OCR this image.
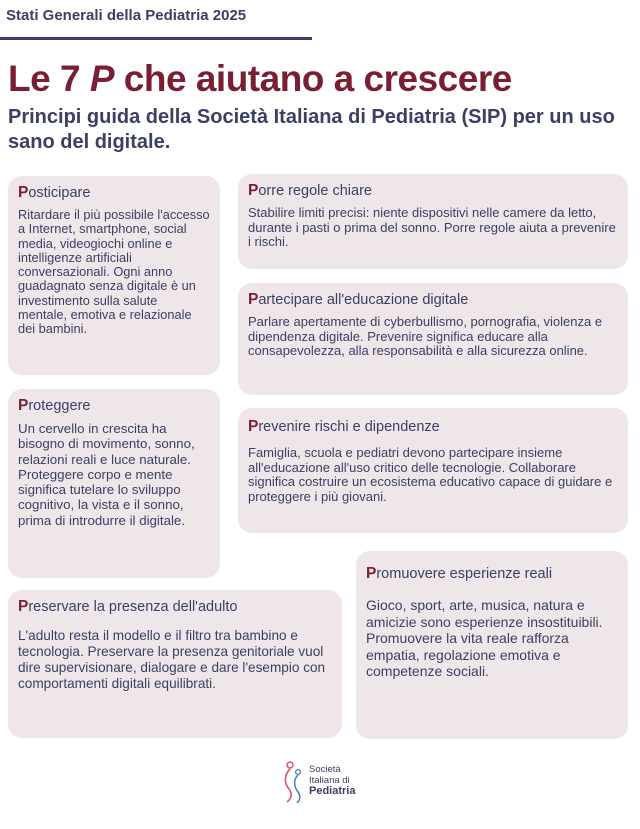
Stati Generali della Pediatria 2025
Le 7 P che aiutano a crescere

Principi guida della Società Italiana di Pediatria (SIP) per un uso sano del digitale.

Posticipare

Ritardare il più possibile l'accesso a Internet, smartphone, social media, videogiochi online e intelligenze artificiali conversazionali. Ogni anno guadagnato senza digitale è un investimento sulla salute mentale, emotiva e relazionale dei bambini.

Porre regole chiare

Stabilire limiti precisi: niente dispositivi nelle camere da letto, durante i pasti o prima del sonno. Porre regole aiuta a prevenire i rischi.

Partecipare all'educazione digitale

Parlare apertamente di cyberbullismo, pornografia, violenza e dipendenza digitale. Prevenire significa educare alla consapevolezza, alla responsabilità e alla sicurezza online.

Proteggere

Un cervello in crescita ha bisogno di movimento, sonno, relazioni reali e luce naturale. Proteggere corpo e mente significa tutelare lo sviluppo cognitivo, la vista e il sonno, prima di introdurre il digitale.

Prevenire rischi e dipendenze

Famiglia, scuola e pediatri devono partecipare insieme all'educazione all'uso critico delle tecnologie. Collaborare significa costruire un ecosistema educativo capace di guidare e proteggere i più giovani.

Preservare la presenza dell'adulto

L'adulto resta il modello e il filtro tra bambino e tecnologia. Preservare la presenza genitoriale vuol dire supervisionare, dialogare e dare l'esempio con comportamenti digitali equilibrati.

Promuovere esperienze reali

Gioco, sport, arte, musica, natura e amicizie sono esperienze insostituibili. Promuovere la vita reale rafforza empatia, regolazione emotiva e competenze sociali.

Società
Italiana di
Pediatria
